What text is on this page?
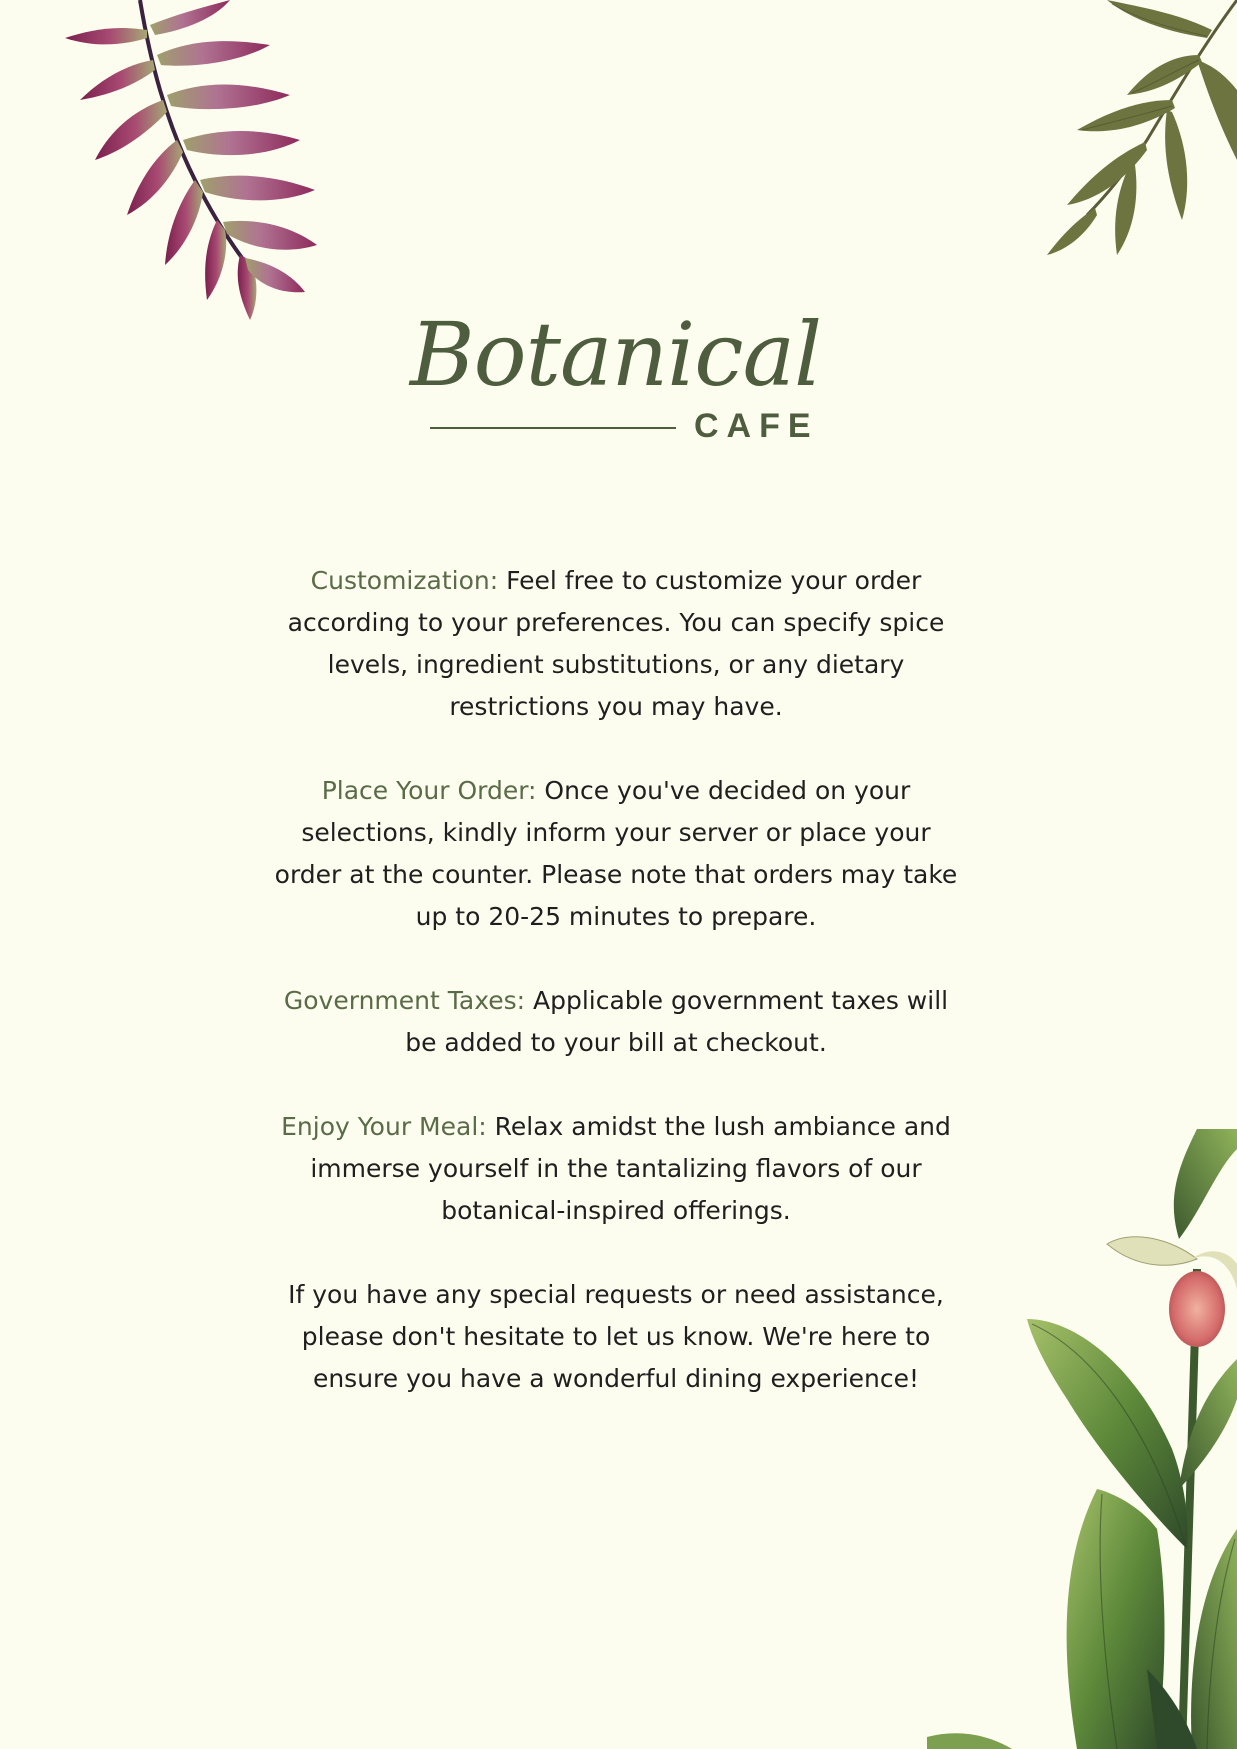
Botanical
CAFE

Customization: Feel free to customize your order according to your preferences. You can specify spice levels, ingredient substitutions, or any dietary restrictions you may have.

Place Your Order: Once you've decided on your selections, kindly inform your server or place your order at the counter. Please note that orders may take up to 20-25 minutes to prepare.

Government Taxes: Applicable government taxes will be added to your bill at checkout.

Enjoy Your Meal: Relax amidst the lush ambiance and immerse yourself in the tantalizing flavors of our botanical-inspired offerings.

If you have any special requests or need assistance, please don't hesitate to let us know. We're here to ensure you have a wonderful dining experience!
